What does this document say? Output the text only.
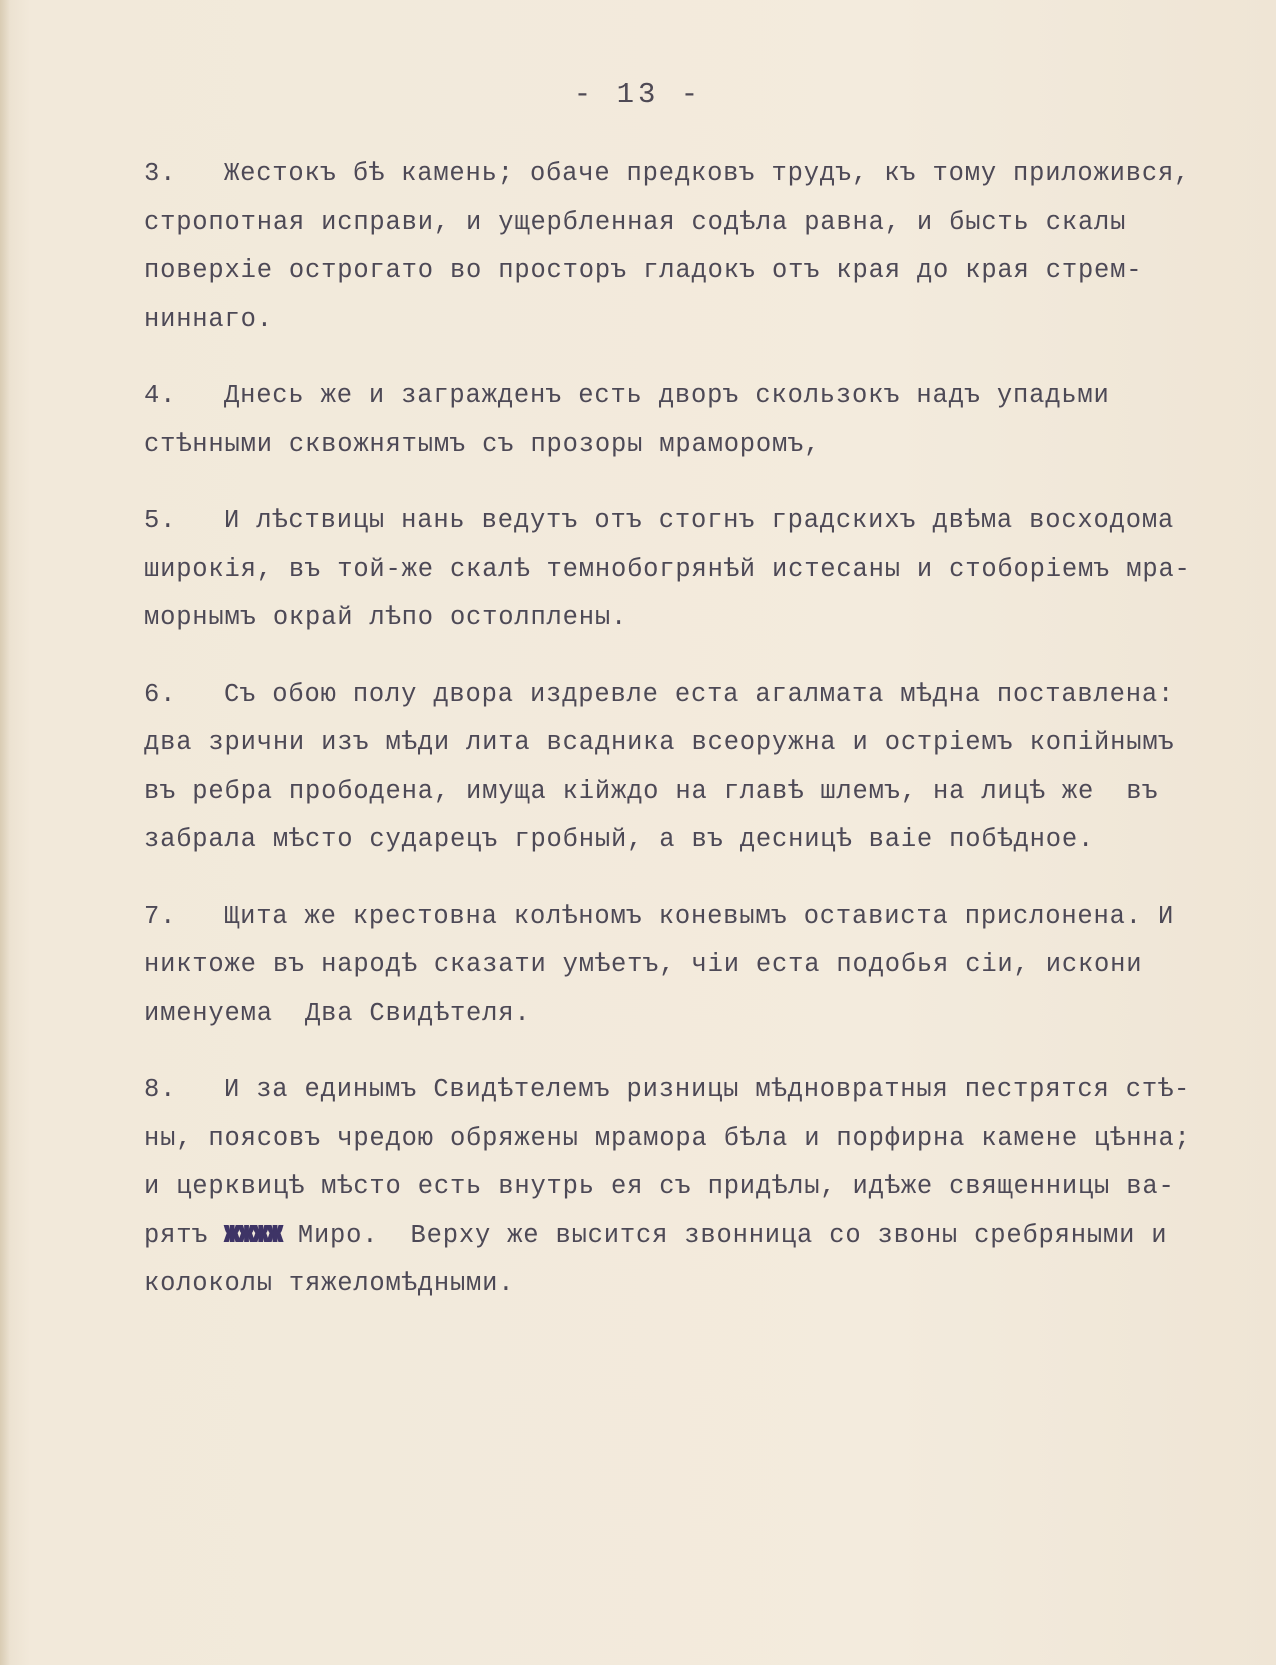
- 13 -
3. Жестокъ бѣ камень; обаче предковъ трудъ, къ тому приложився,
стропотная исправи, и ущербленная содѣла равна, и бысть скалы
поверхіе острогато во просторъ гладокъ отъ края до края стрем-
ниннаго.
4. Днесь же и загражденъ есть дворъ скользокъ надъ упадьми
стѣнными сквожнятымъ съ прозоры мраморомъ,
5. И лѣствицы нань ведутъ отъ стогнъ градскихъ двѣма восходома
широкія, въ той-же скалѣ темнобогрянѣй истесаны и стоборіемъ мра-
морнымъ окрай лѣпо остолплены.
6. Съ обою полу двора издревле еста агалмата мѣдна поставлена:
два зрични изъ мѣди лита всадника всеоружна и остріемъ копійнымъ
въ ребра прободена, имуща кійждо на главѣ шлемъ, на лицѣ же  въ
забрала мѣсто сударецъ гробный, а въ десницѣ ваіе побѣдное.
7. Щита же крестовна колѣномъ коневымъ остависта прислонена. И
никтоже въ народѣ сказати умѣетъ, чіи еста подобья сіи, искони
именуема  Два Свидѣтеля.
8. И за единымъ Свидѣтелемъ ризницы мѣдновратныя пестрятся стѣ-
ны, поясовъ чредою обряжены мрамора бѣла и порфирна камене цѣнна;
и церквицѣ мѣсто есть внутрь ея съ придѣлы, идѣже священницы ва-
рятъ ЖЖЖЖ Миро.  Верху же высится звонница со звоны сребряными и
колоколы тяжеломѣдными.
